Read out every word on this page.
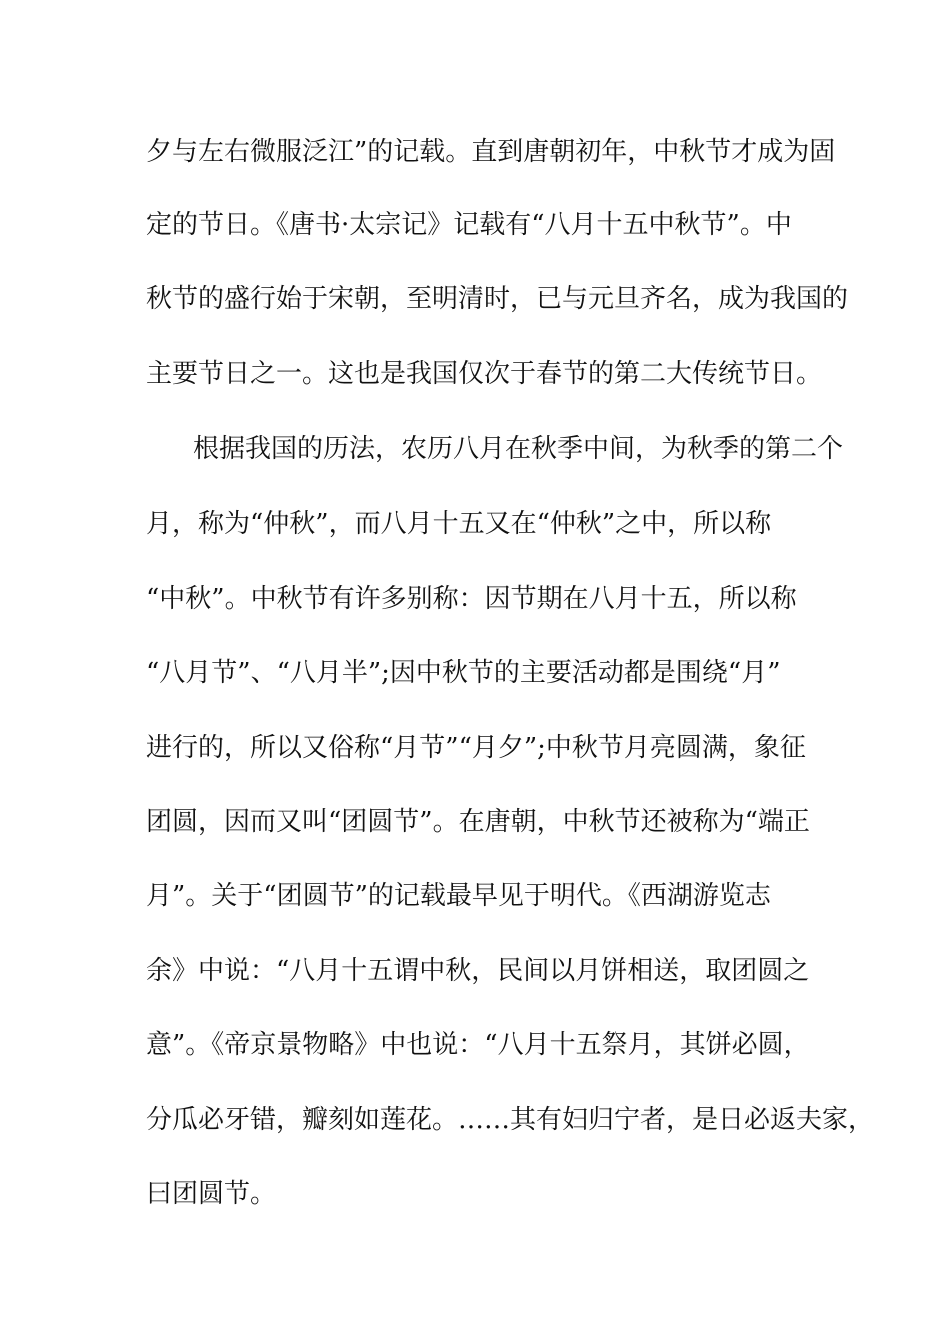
夕与左右微服泛江”的记载。直到唐朝初年，中秋节才成为固
定的节日。《唐书·太宗记》记载有“八月十五中秋节”。中
秋节的盛行始于宋朝，至明清时，已与元旦齐名，成为我国的
主要节日之一。这也是我国仅次于春节的第二大传统节日。
根据我国的历法，农历八月在秋季中间，为秋季的第二个
月，称为“仲秋”，而八月十五又在“仲秋”之中，所以称
“中秋”。中秋节有许多别称：因节期在八月十五，所以称
“八月节”、“八月半”;因中秋节的主要活动都是围绕“月”
进行的，所以又俗称“月节”“月夕”;中秋节月亮圆满，象征
团圆，因而又叫“团圆节”。在唐朝，中秋节还被称为“端正
月”。关于“团圆节”的记载最早见于明代。《西湖游览志
余》中说：“八月十五谓中秋，民间以月饼相送，取团圆之
意”。《帝京景物略》中也说：“八月十五祭月，其饼必圆，
分瓜必牙错，瓣刻如莲花。……其有妇归宁者，是日必返夫家，
曰团圆节。
